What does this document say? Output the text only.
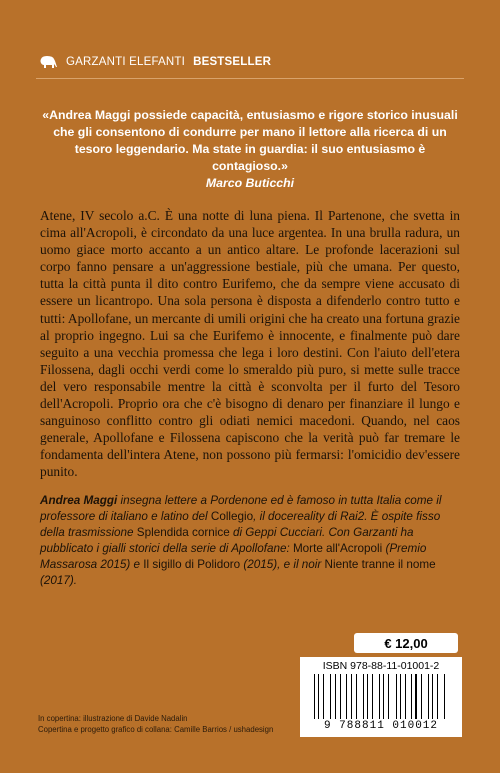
GARZANTI ELEFANTI BESTSELLER
«Andrea Maggi possiede capacità, entusiasmo e rigore storico inusuali che gli consentono di condurre per mano il lettore alla ricerca di un tesoro leggendario. Ma state in guardia: il suo entusiasmo è contagioso.»
Marco Buticchi
Atene, IV secolo a.C. È una notte di luna piena. Il Partenone, che svetta in cima all'Acropoli, è circondato da una luce argentea. In una brulla radura, un uomo giace morto accanto a un antico altare. Le profonde lacerazioni sul corpo fanno pensare a un'aggressione bestiale, più che umana. Per questo, tutta la città punta il dito contro Eurifemo, che da sempre viene accusato di essere un licantropo. Una sola persona è disposta a difenderlo contro tutto e tutti: Apollofane, un mercante di umili origini che ha creato una fortuna grazie al proprio ingegno. Lui sa che Eurifemo è innocente, e finalmente può dare seguito a una vecchia promessa che lega i loro destini. Con l'aiuto dell'etera Filossena, dagli occhi verdi come lo smeraldo più puro, si mette sulle tracce del vero responsabile mentre la città è sconvolta per il furto del Tesoro dell'Acropoli. Proprio ora che c'è bisogno di denaro per finanziare il lungo e sanguinoso conflitto contro gli odiati nemici macedoni. Quando, nel caos generale, Apollofane e Filossena capiscono che la verità può far tremare le fondamenta dell'intera Atene, non possono più fermarsi: l'omicidio dev'essere punito.
Andrea Maggi insegna lettere a Pordenone ed è famoso in tutta Italia come il professore di italiano e latino del Collegio, il docereality di Rai2. È ospite fisso della trasmissione Splendida cornice di Geppi Cucciari. Con Garzanti ha pubblicato i gialli storici della serie di Apollofane: Morte all'Acropoli (Premio Massarosa 2015) e Il sigillo di Polidoro (2015), e il noir Niente tranne il nome (2017).
€ 12,00
ISBN 978-88-11-01001-2
9 788811 010012
In copertina: illustrazione di Davide Nadalin
Copertina e progetto grafico di collana: Camille Barrios / ushadesign
